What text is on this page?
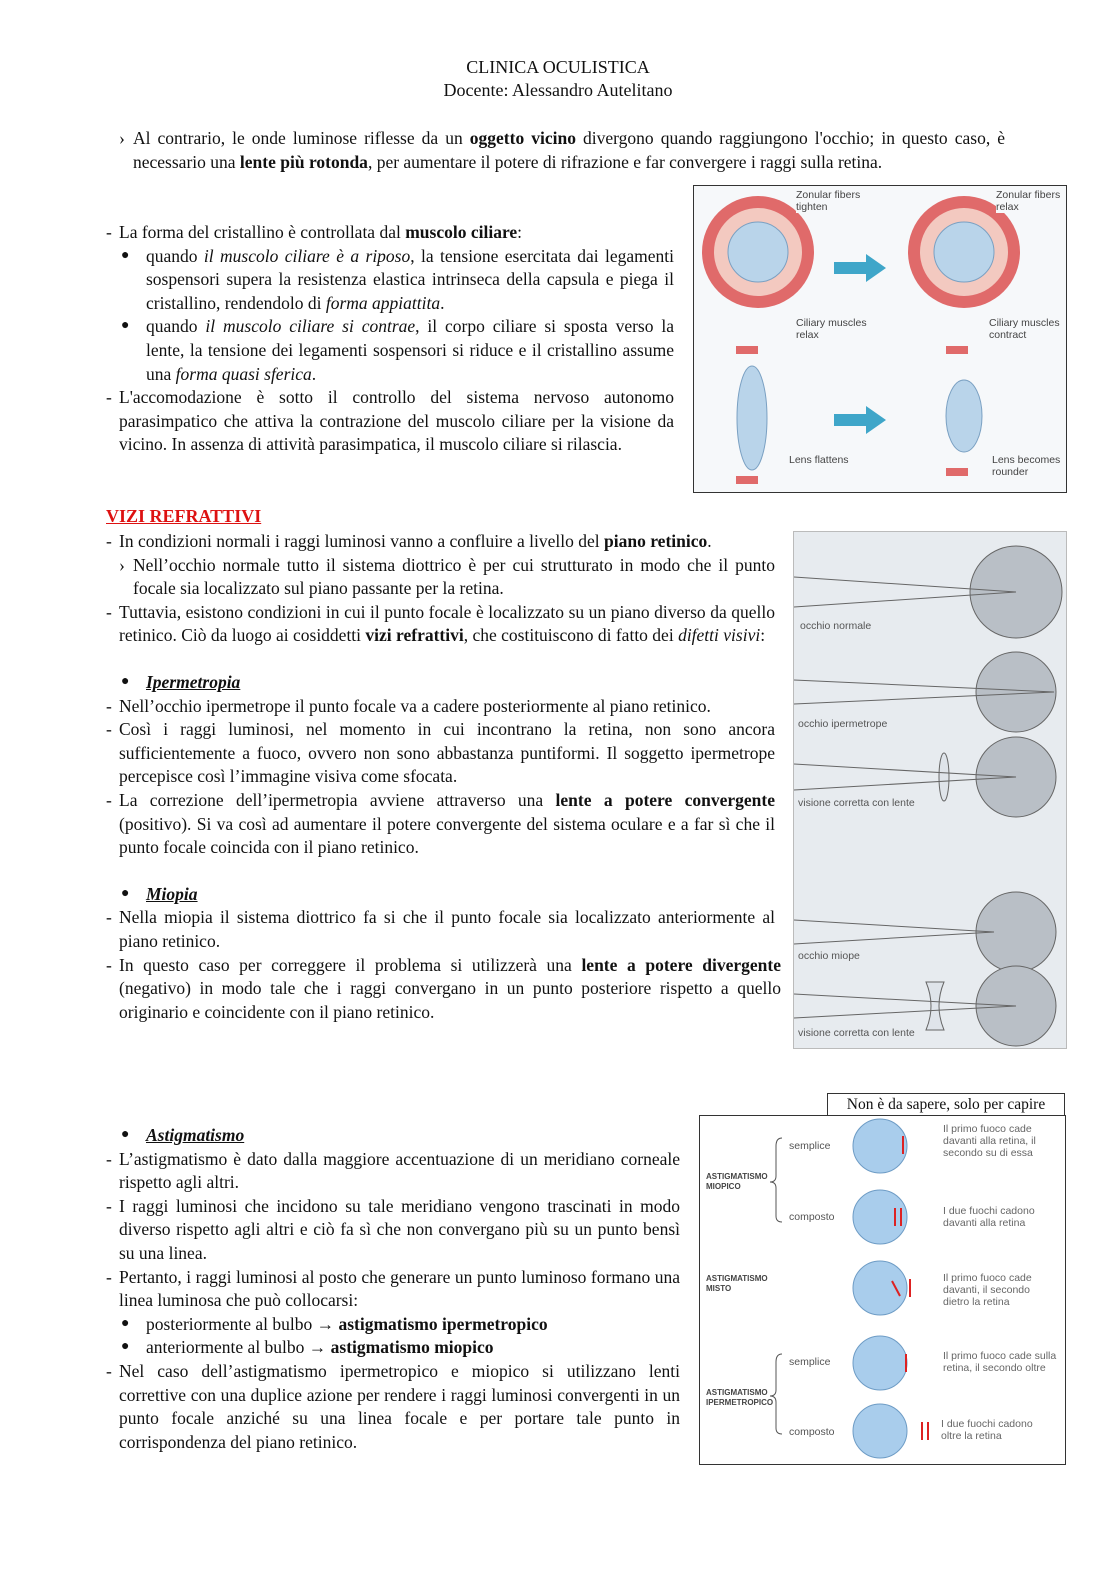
CLINICA OCULISTICA
Docente: Alessandro Autelitano
› Al contrario, le onde luminose riflesse da un oggetto vicino divergono quando raggiungono l'occhio; in questo caso, è necessario una lente più rotonda, per aumentare il potere di rifrazione e far convergere i raggi sulla retina.
- La forma del cristallino è controllata dal muscolo ciliare:
● quando il muscolo ciliare è a riposo, la tensione esercitata dai legamenti sospensori supera la resistenza elastica intrinseca della capsula e piega il cristallino, rendendolo di forma appiattita.
● quando il muscolo ciliare si contrae, il corpo ciliare si sposta verso la lente, la tensione dei legamenti sospensori si riduce e il cristallino assume una forma quasi sferica.
- L'accomodazione è sotto il controllo del sistema nervoso autonomo parasimpatico che attiva la contrazione del muscolo ciliare per la visione da vicino. In assenza di attività parasimpatica, il muscolo ciliare si rilascia.
Zonular fibers
tighten
Zonular fibers
relax
Ciliary muscles
relax
Ciliary muscles
contract
Lens flattens	Lens becomes
rounder
VIZI REFRATTIVI
- In condizioni normali i raggi luminosi vanno a confluire a livello del piano retinico.
› Nell’occhio normale tutto il sistema diottrico è per cui strutturato in modo che il punto focale sia localizzato sul piano passante per la retina.
- Tuttavia, esistono condizioni in cui il punto focale è localizzato su un piano diverso da quello retinico. Ciò da luogo ai cosiddetti vizi refrattivi, che costituiscono di fatto dei difetti visivi:
● Ipermetropia
- Nell’occhio ipermetrope il punto focale va a cadere posteriormente al piano retinico.
- Così i raggi luminosi, nel momento in cui incontrano la retina, non sono ancora sufficientemente a fuoco, ovvero non sono abbastanza puntiformi. Il soggetto ipermetrope percepisce così l’immagine visiva come sfocata.
- La correzione dell’ipermetropia avviene attraverso una lente a potere convergente (positivo). Si va così ad aumentare il potere convergente del sistema oculare e a far sì che il punto focale coincida con il piano retinico.
● Miopia
- Nella miopia il sistema diottrico fa si che il punto focale sia localizzato anteriormente al piano retinico.
- In questo caso per correggere il problema si utilizzerà una lente a potere divergente (negativo) in modo tale che i raggi convergano in un punto posteriore rispetto a quello originario e coincidente con il piano retinico.
occhio normale
occhio ipermetrope
visione corretta con lente
occhio miope
visione corretta con lente
● Astigmatismo
- L’astigmatismo è dato dalla maggiore accentuazione di un meridiano corneale rispetto agli altri.
- I raggi luminosi che incidono su tale meridiano vengono trascinati in modo diverso rispetto agli altri e ciò fa sì che non convergano più su un punto bensì su una linea.
- Pertanto, i raggi luminosi al posto che generare un punto luminoso formano una linea luminosa che può collocarsi:
● posteriormente al bulbo → astigmatismo ipermetropico
● anteriormente al bulbo → astigmatismo miopico
- Nel caso dell’astigmatismo ipermetropico e miopico si utilizzano lenti correttive con una duplice azione per rendere i raggi luminosi convergenti in un punto focale anziché su una linea focale e per portare tale punto in corrispondenza del piano retinico.
Non è da sapere, solo per capire
ASTIGMATISMO
MIOPICO
ASTIGMATISMO
MISTO
ASTIGMATISMO
IPERMETROPICO
semplice
composto
semplice
composto
Il primo fuoco cade
davanti alla retina, il
secondo su di essa
I due fuochi cadono
davanti alla retina
Il primo fuoco cade
davanti, il secondo
dietro la retina
Il primo fuoco cade sulla
retina, il secondo oltre
I due fuochi cadono
oltre la retina
